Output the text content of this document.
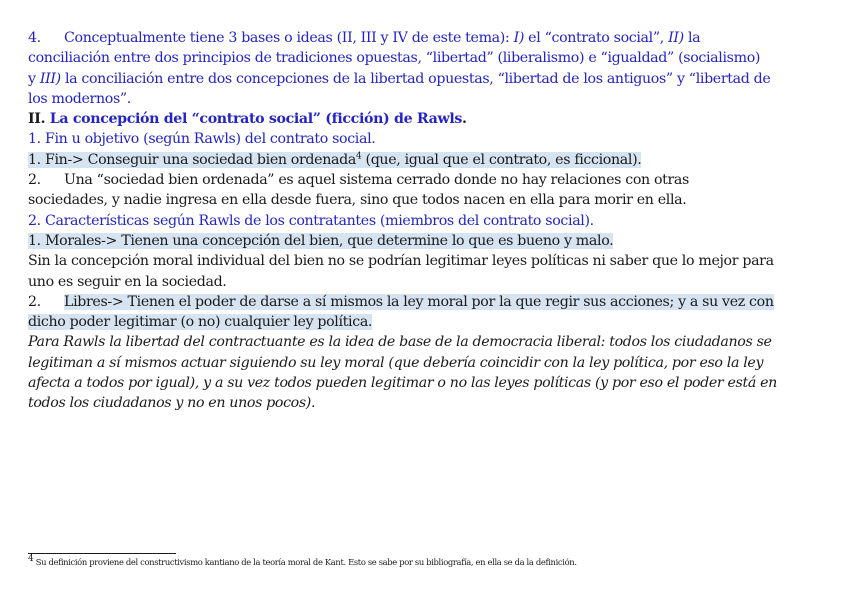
4. Conceptualmente tiene 3 bases o ideas (II, III y IV de este tema): I) el “contrato social”, II) la
conciliación entre dos principios de tradiciones opuestas, “libertad” (liberalismo) e “igualdad” (socialismo)
y III) la conciliación entre dos concepciones de la libertad opuestas, “libertad de los antiguos” y “libertad de
los modernos”.
II. La concepción del “contrato social” (ficción) de Rawls.
1. Fin u objetivo (según Rawls) del contrato social.
1. Fin-> Conseguir una sociedad bien ordenada$^4$ (que, igual que el contrato, es ficcional).
2. Una “sociedad bien ordenada” es aquel sistema cerrado donde no hay relaciones con otras
sociedades, y nadie ingresa en ella desde fuera, sino que todos nacen en ella para morir en ella.
2. Características según Rawls de los contratantes (miembros del contrato social).
1. Morales-> Tienen una concepción del bien, que determine lo que es bueno y malo.
Sin la concepción moral individual del bien no se podrían legitimar leyes políticas ni saber que lo mejor para
uno es seguir en la sociedad.
2. Libres-> Tienen el poder de darse a sí mismos la ley moral por la que regir sus acciones; y a su vez con
dicho poder legitimar (o no) cualquier ley política.
Para Rawls la libertad del contractuante es la idea de base de la democracia liberal: todos los ciudadanos se
legitiman a sí mismos actuar siguiendo su ley moral (que debería coincidir con la ley política, por eso la ley
afecta a todos por igual), y a su vez todos pueden legitimar o no las leyes políticas (y por eso el poder está en
todos los ciudadanos y no en unos pocos).
$^4$ Su definición proviene del constructivismo kantiano de la teoría moral de Kant. Esto se sabe por su bibliografía, en ella se da la definición.
